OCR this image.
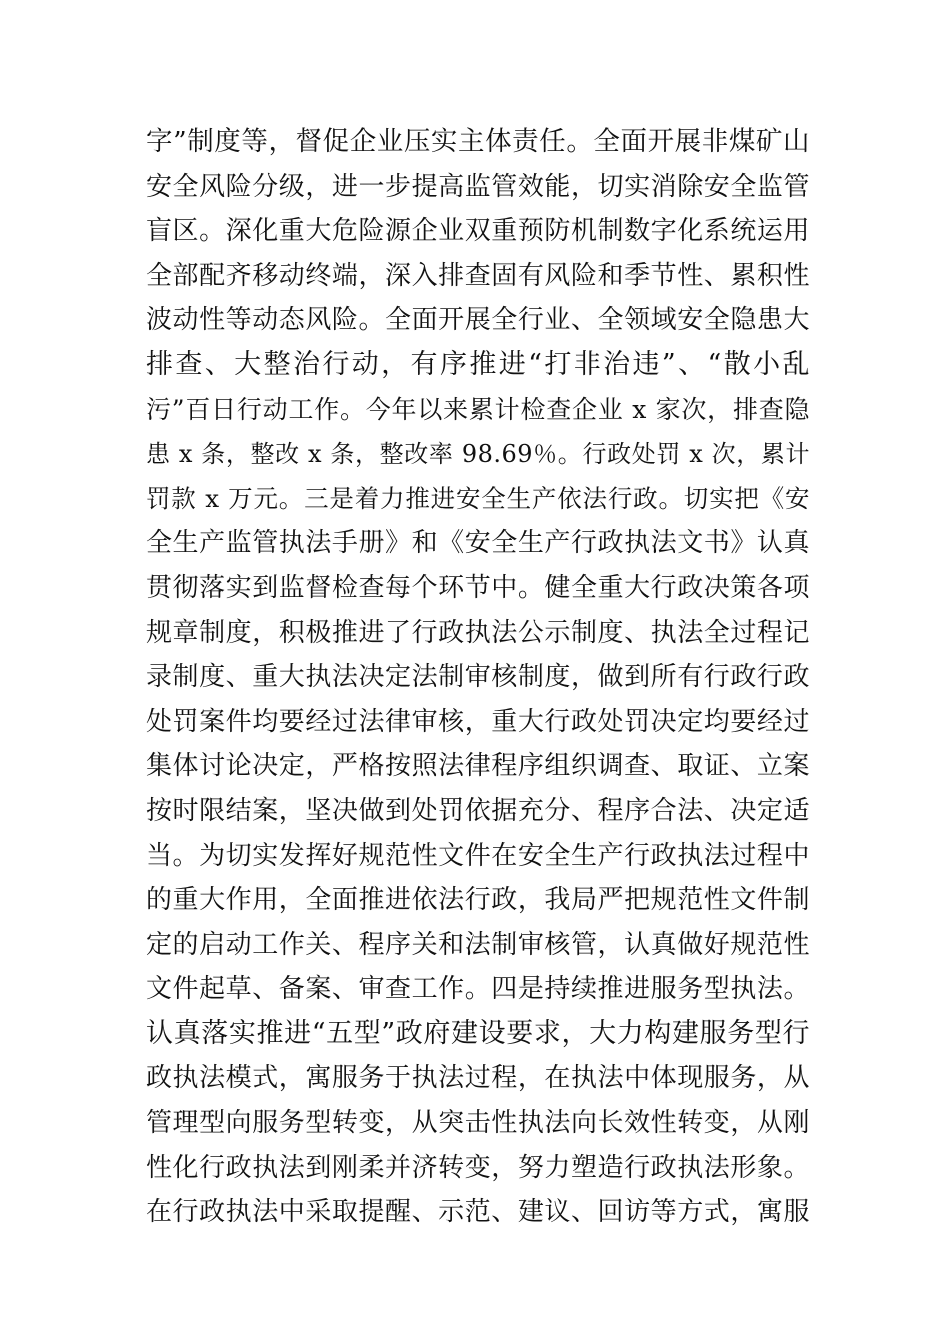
字”制度等，督促企业压实主体责任。全面开展非煤矿山
安全风险分级，进一步提高监管效能，切实消除安全监管
盲区。深化重大危险源企业双重预防机制数字化系统运用
全部配齐移动终端，深入排查固有风险和季节性、累积性
波动性等动态风险。全面开展全行业、全领域安全隐患大
排查、大整治行动，有序推进“打非治违”、“散小乱
污”百日行动工作。今年以来累计检查企业 x 家次，排查隐
患 x 条，整改 x 条，整改率 98.69％。行政处罚 x 次，累计
罚款 x 万元。三是着力推进安全生产依法行政。切实把《安
全生产监管执法手册》和《安全生产行政执法文书》认真
贯彻落实到监督检查每个环节中。健全重大行政决策各项
规章制度，积极推进了行政执法公示制度、执法全过程记
录制度、重大执法决定法制审核制度，做到所有行政行政
处罚案件均要经过法律审核，重大行政处罚决定均要经过
集体讨论决定，严格按照法律程序组织调查、取证、立案
按时限结案，坚决做到处罚依据充分、程序合法、决定适
当。为切实发挥好规范性文件在安全生产行政执法过程中
的重大作用，全面推进依法行政，我局严把规范性文件制
定的启动工作关、程序关和法制审核管，认真做好规范性
文件起草、备案、审查工作。四是持续推进服务型执法。
认真落实推进“五型”政府建设要求，大力构建服务型行
政执法模式，寓服务于执法过程，在执法中体现服务，从
管理型向服务型转变，从突击性执法向长效性转变，从刚
性化行政执法到刚柔并济转变，努力塑造行政执法形象。
在行政执法中采取提醒、示范、建议、回访等方式，寓服
